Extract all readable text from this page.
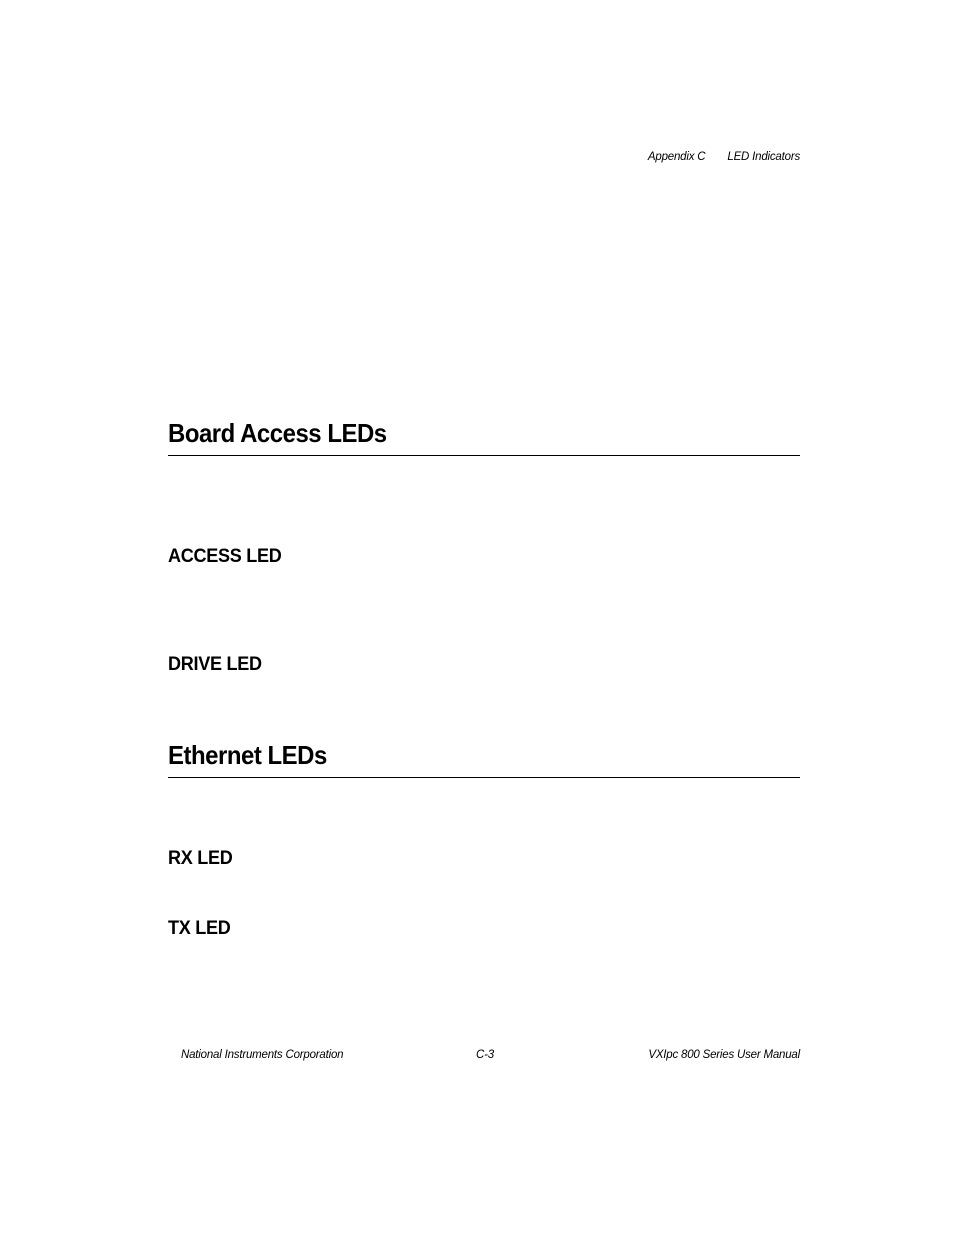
Appendix C LED Indicators
Board Access LEDs
ACCESS LED
DRIVE LED
Ethernet LEDs
RX LED
TX LED
National Instruments Corporation	C-3	VXIpc 800 Series User Manual
